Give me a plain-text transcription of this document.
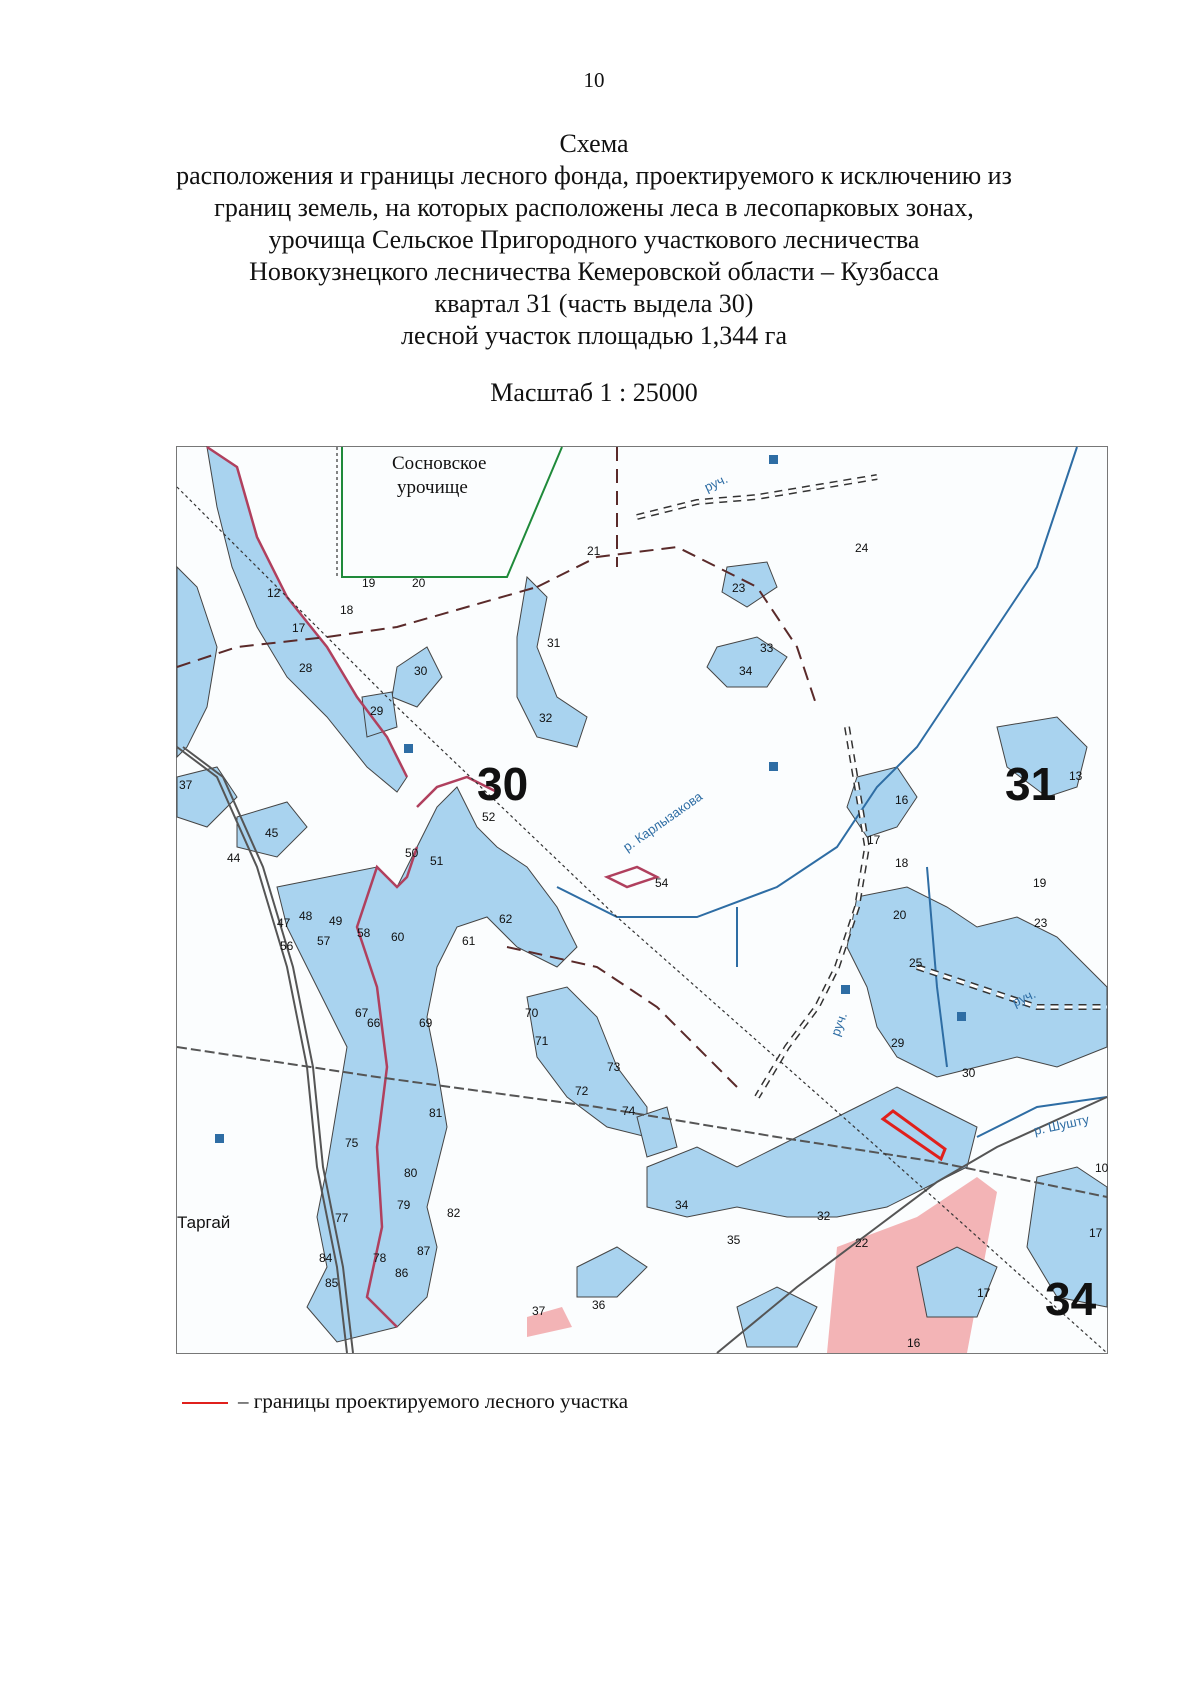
10
Схема
расположения и границы лесного фонда, проектируемого к исключению из
границ земель, на которых расположены леса в лесопарковых зонах,
урочища Сельское Пригородного участкового лесничества
Новокузнецкого лесничества Кемеровской области – Кузбасса
квартал 31 (часть выдела 30)
лесной участок площадью 1,344 га
Масштаб 1 : 25000
Сосновское
урочище
30	31
34
р. Карлызакова
р. Шушту
руч.
руч.
руч.
Таргай
12
17
18
19	20
21
23
24
28
29
30
31
32
33
34
37
44
45
47 48 49
50
51
52
54
56 57
58 60	61
62
66
67
69
70
71
72
73
74
75
77
78
79
80
81
82
84
85
86
87
13
16
17
18
19
20
23
25
29
30
32
34
35
36
37
16
17
22
10
17
– границы проектируемого лесного участка
